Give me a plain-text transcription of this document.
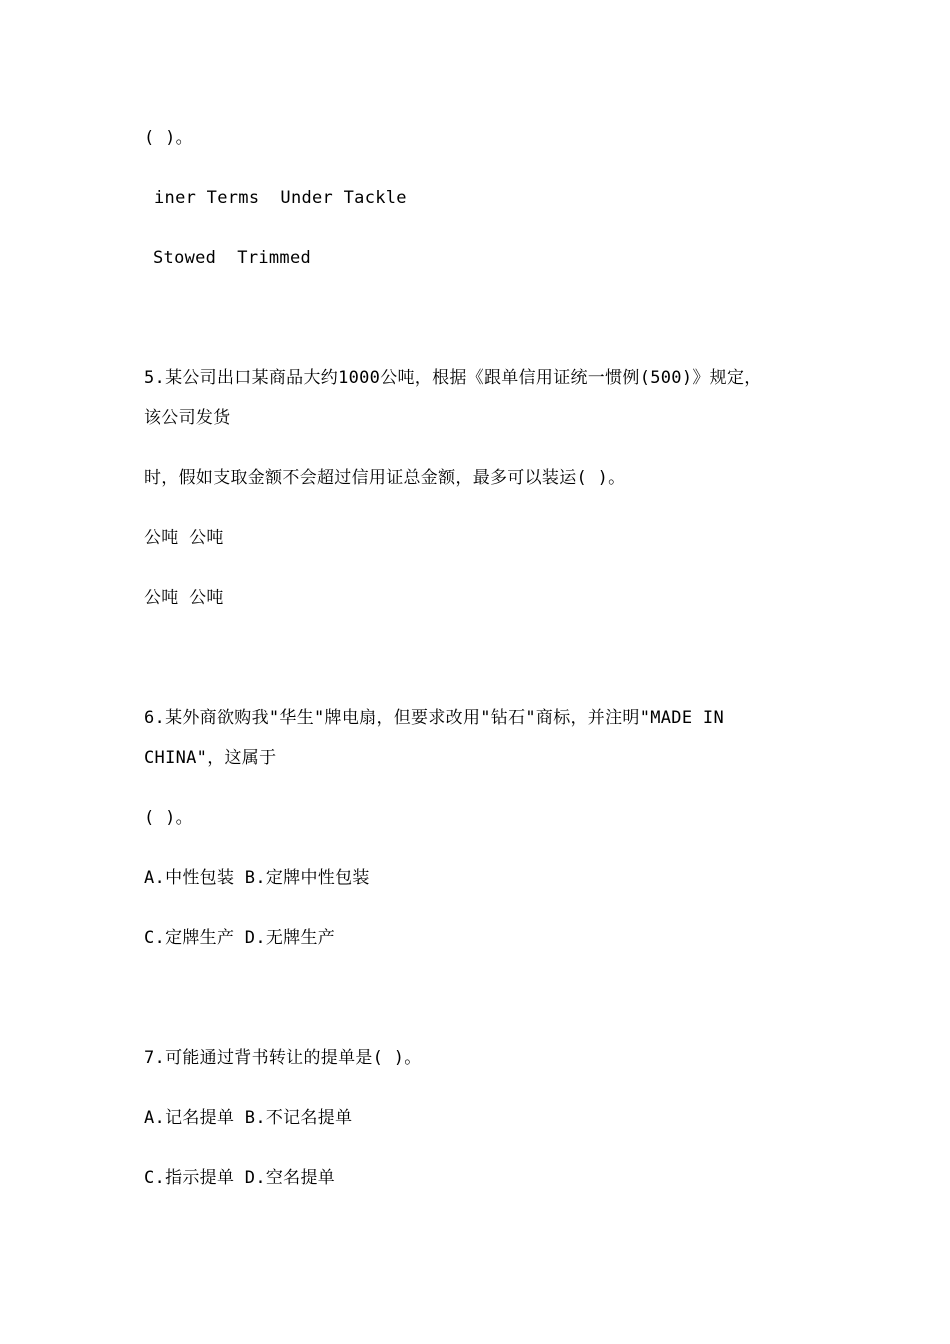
( )。
iner Terms  Under Tackle
Stowed  Trimmed
5.某公司出口某商品大约1000公吨，根据《跟单信用证统一惯例(500)》规定，
该公司发货
时，假如支取金额不会超过信用证总金额，最多可以装运( )。
公吨 公吨
公吨 公吨
6.某外商欲购我"华生"牌电扇，但要求改用"钻石"商标，并注明"MADE IN
CHINA"，这属于
( )。
A.中性包装 B.定牌中性包装
C.定牌生产 D.无牌生产
7.可能通过背书转让的提单是( )。
A.记名提单 B.不记名提单
C.指示提单 D.空名提单
